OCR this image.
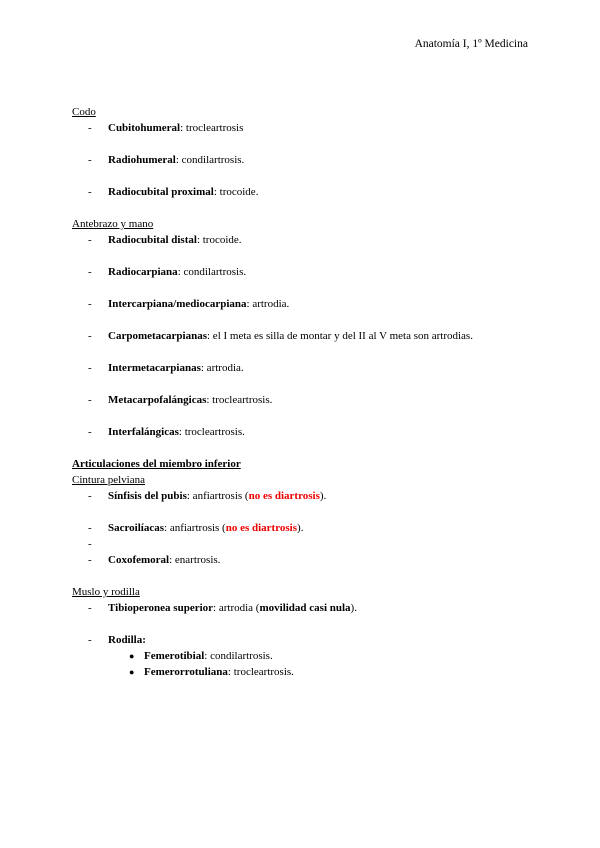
Anatomía I, 1º Medicina
Codo
- Cubitohumeral: trocleartrosis
- Radiohumeral: condilartrosis.
- Radiocubital proximal: trocoide.
Antebrazo y mano
- Radiocubital distal: trocoide.
- Radiocarpiana: condilartrosis.
- Intercarpiana/mediocarpiana: artrodia.
- Carpometacarpianas: el I meta es silla de montar y del II al V meta son artrodias.
- Intermetacarpianas: artrodia.
- Metacarpofalángicas: trocleartrosis.
- Interfalángicas: trocleartrosis.
Articulaciones del miembro inferior
Cintura pelviana
- Sínfisis del pubis: anfiartrosis (no es diartrosis).
- Sacroilíacas: anfiartrosis (no es diartrosis).
-
- Coxofemoral: enartrosis.
Muslo y rodilla
- Tibioperonea superior: artrodia (movilidad casi nula).
- Rodilla:
● Femerotibial: condilartrosis.
● Femerorrotuliana: trocleartrosis.
